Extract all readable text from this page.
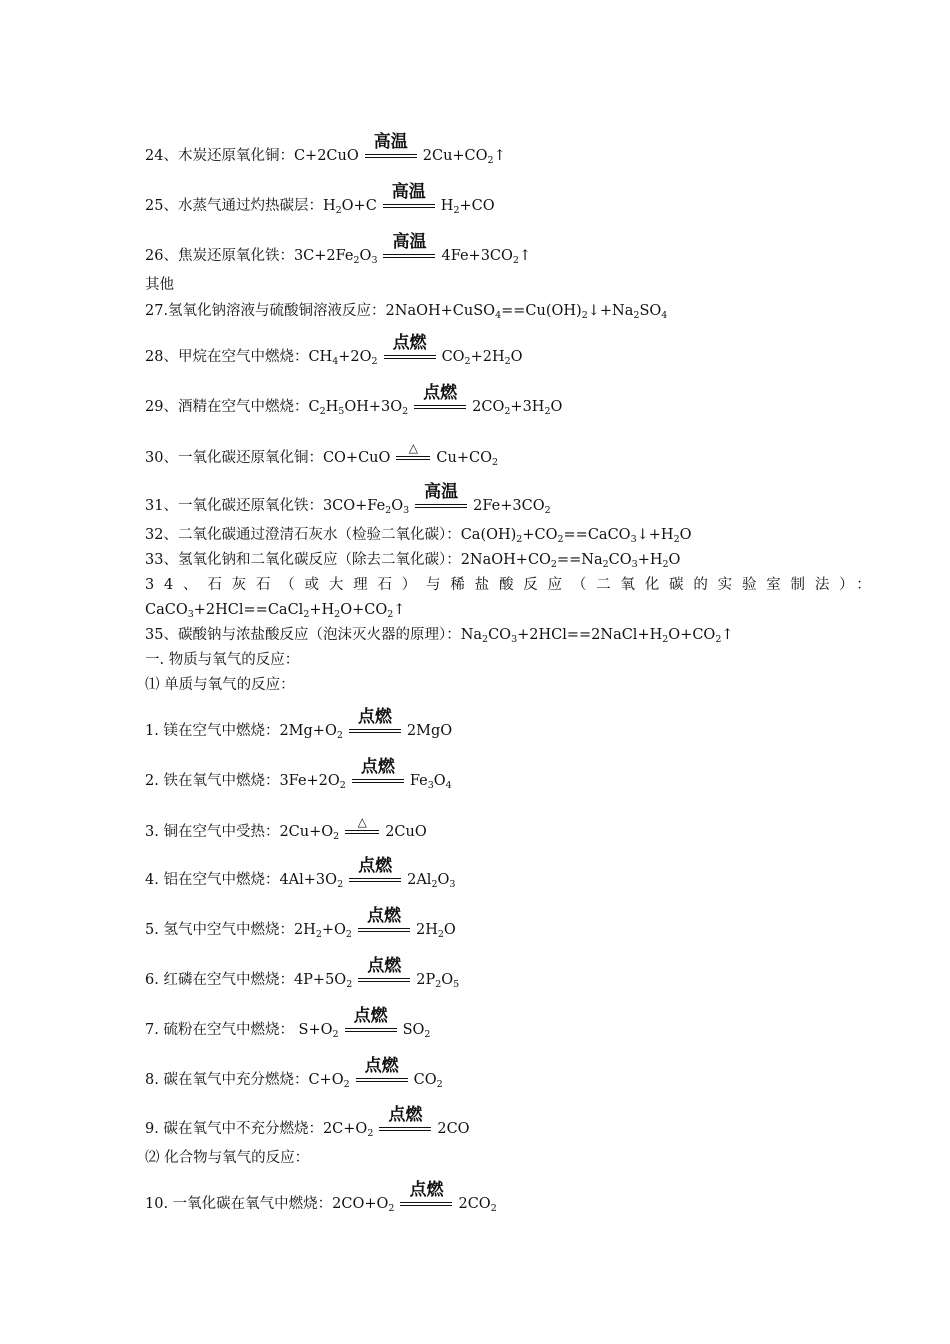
24、木炭还原氧化铜：C+2CuO
高温
$2Cu+CO_2↑$
25、水蒸气通过灼热碳层：$H_2O+C$
高温
$H_2+CO$
26、焦炭还原氧化铁：$3C+2Fe_2O_3$
高温
$4Fe+3CO_2↑$
其他
27.氢氧化钠溶液与硫酸铜溶液反应：$2NaOH+CuSO_4==Cu(OH)_2↓+Na_2SO_4$
28、甲烷在空气中燃烧：$CH_4+2O_2$
点燃
$CO_2+2H_2O$
29、酒精在空气中燃烧：$C_2H_5OH+3O_2$
点燃
$2CO_2+3H_2O$
30、一氧化碳还原氧化铜：CO+CuO
△
$Cu+CO_2$
31、一氧化碳还原氧化铁：$3CO+Fe_2O_3$
高温
$2Fe+3CO_2$
32、二氧化碳通过澄清石灰水（检验二氧化碳）：$Ca(OH)_2+CO_2==CaCO_3↓+H_2O$
33、氢氧化钠和二氧化碳反应（除去二氧化碳）：$2NaOH+CO_2==Na_2CO_3+H_2O$
34、石灰石（或大理石）与稀盐酸反应（二氧化碳的实验室制法）：
$CaCO_3+2HCl==CaCl_2+H_2O+CO_2↑$
35、碳酸钠与浓盐酸反应（泡沫灭火器的原理）：$Na_2CO_3+2HCl==2NaCl+H_2O+CO_2↑$
一. 物质与氧气的反应：
⑴ 单质与氧气的反应：
1. 镁在空气中燃烧：$2Mg+O_2$
点燃
2MgO
2. 铁在氧气中燃烧：$3Fe+2O_2$
点燃
$Fe_3O_4$
3. 铜在空气中受热：$2Cu+O_2$
△
2CuO
4. 铝在空气中燃烧：$4Al+3O_2$
点燃
$2Al_2O_3$
5. 氢气中空气中燃烧：$2H_2+O_2$
点燃
$2H_2O$
6. 红磷在空气中燃烧：$4P+5O_2$
点燃
$2P_2O_5$
7. 硫粉在空气中燃烧： $S+O_2$
点燃
$SO_2$
8. 碳在氧气中充分燃烧：$C+O_2$
点燃
$CO_2$
9. 碳在氧气中不充分燃烧：$2C+O_2$
点燃
2CO
⑵ 化合物与氧气的反应：
10. 一氧化碳在氧气中燃烧：$2CO+O_2$
点燃
$2CO_2$
